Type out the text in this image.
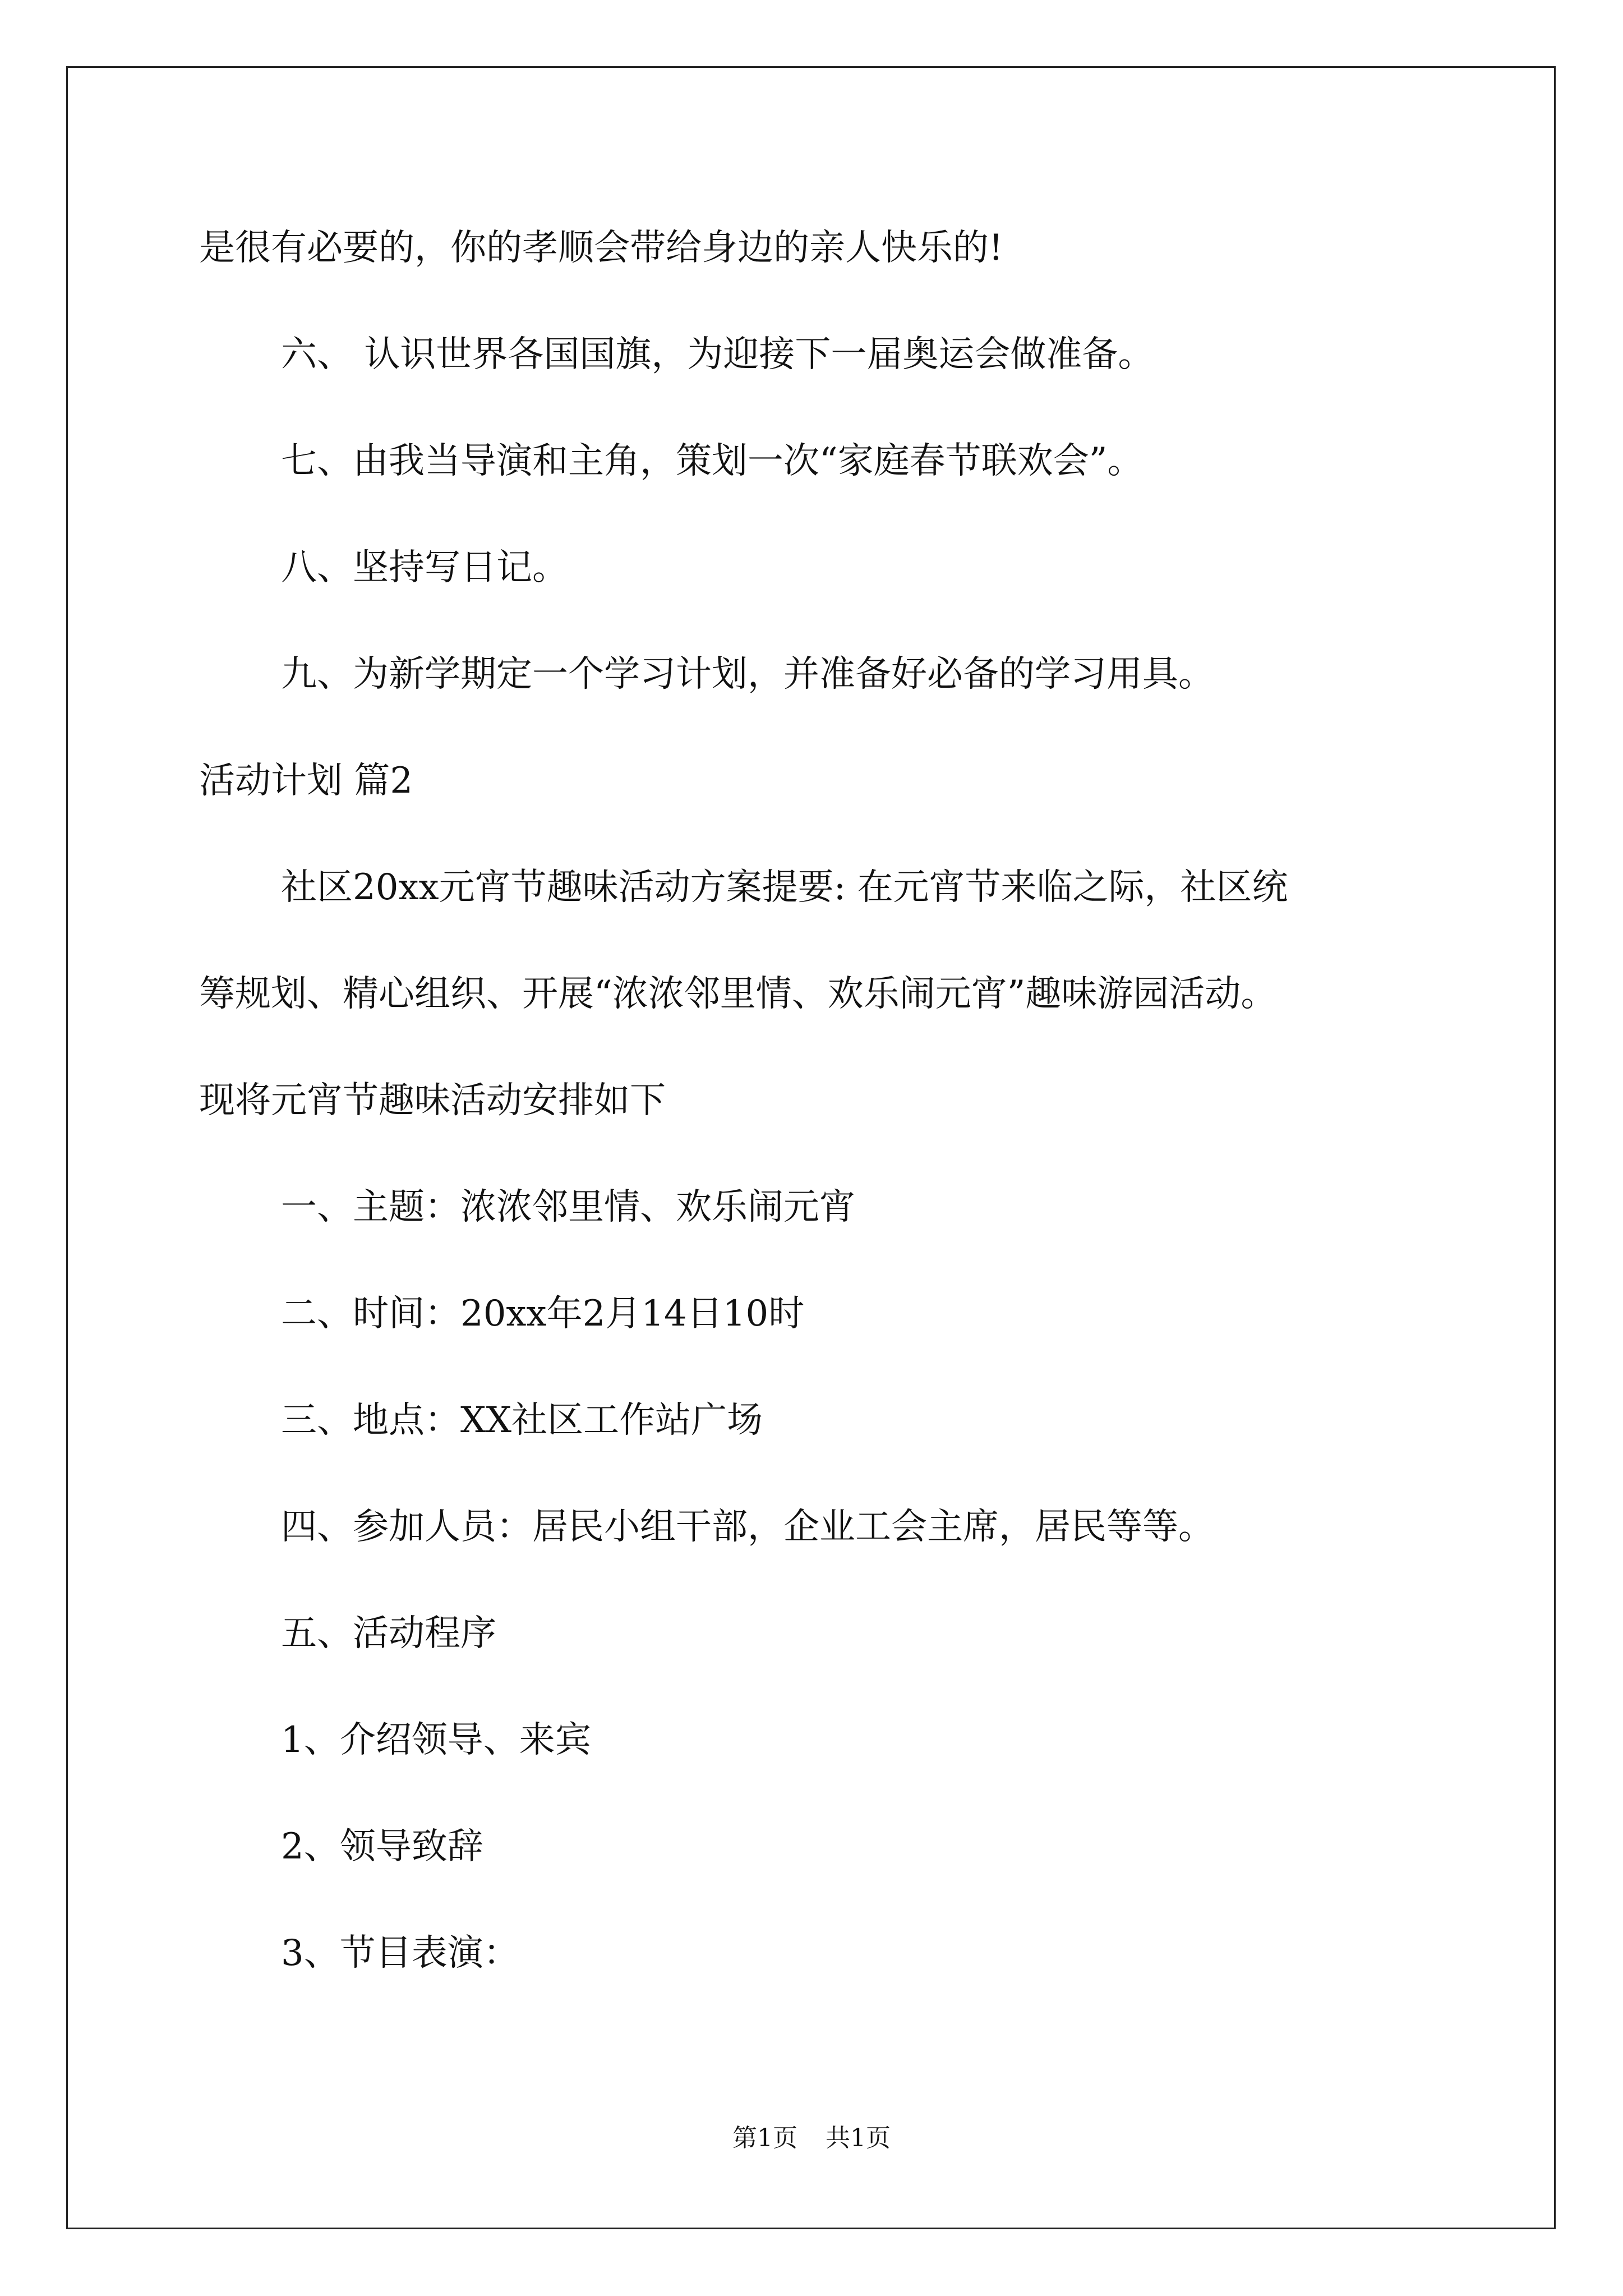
是很有必要的，你的孝顺会带给身边的亲人快乐的!
六、 认识世界各国国旗，为迎接下一届奥运会做准备。
七、由我当导演和主角，策划一次“家庭春节联欢会”。
八、坚持写日记。
九、为新学期定一个学习计划，并准备好必备的学习用具。
活动计划 篇2
社区20xx元宵节趣味活动方案提要: 在元宵节来临之际，社区统
筹规划、精心组织、开展“浓浓邻里情、欢乐闹元宵”趣味游园活动。
现将元宵节趣味活动安排如下
一、主题：浓浓邻里情、欢乐闹元宵
二、时间：20xx年2月14日10时
三、地点：XX社区工作站广场
四、参加人员：居民小组干部，企业工会主席，居民等等。
五、活动程序
1、介绍领导、来宾
2、领导致辞
3、节目表演：
第1页 共1页
